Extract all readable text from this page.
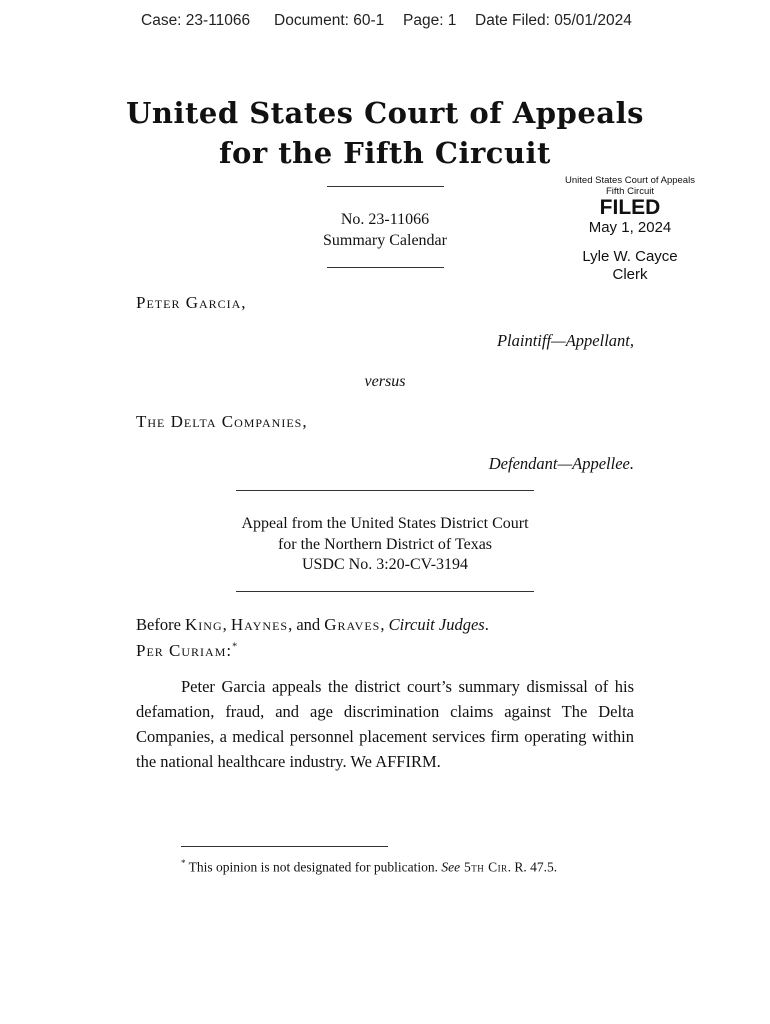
Case: 23-11066 Document: 60-1 Page: 1 Date Filed: 05/01/2024
United States Court of Appeals
for the Fifth Circuit
No. 23-11066
Summary Calendar
United States Court of Appeals
Fifth Circuit
FILED
May 1, 2024
Lyle W. Cayce
Clerk
Peter Garcia,
Plaintiff—Appellant,
versus
The Delta Companies,
Defendant—Appellee.
Appeal from the United States District Court
for the Northern District of Texas
USDC No. 3:20-CV-3194
Before King, Haynes, and Graves, Circuit Judges.
Per Curiam:*
Peter Garcia appeals the district court’s summary dismissal of his defamation, fraud, and age discrimination claims against The Delta Companies, a medical personnel placement services firm operating within the national healthcare industry. We AFFIRM.
* This opinion is not designated for publication. See 5th Cir. R. 47.5.
